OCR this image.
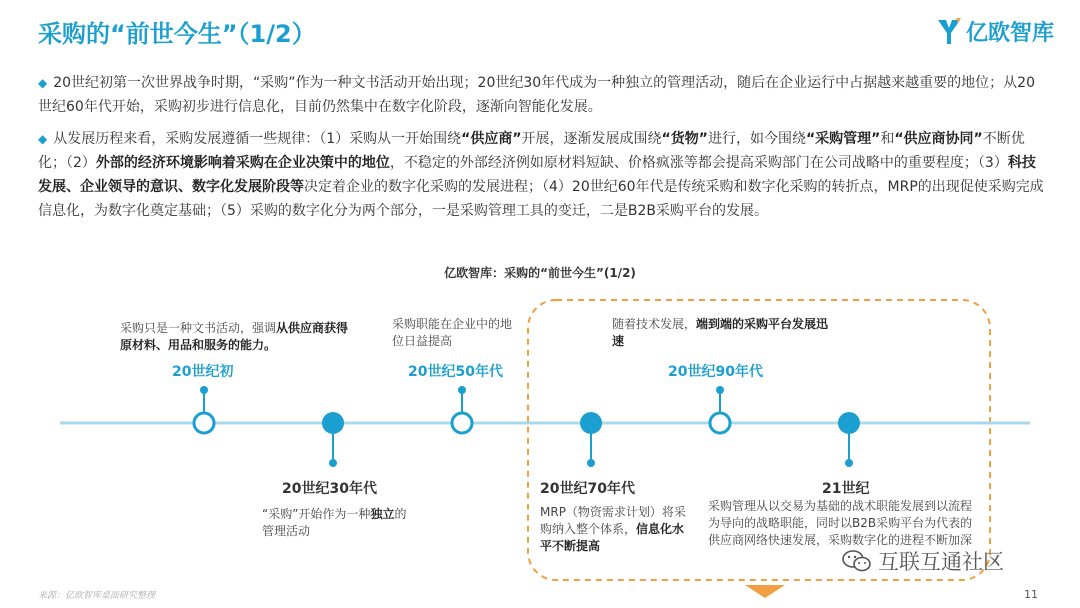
采购的“前世今生”（1/2）	亿欧智库
◆ 20世纪初第一次世界战争时期，“采购”作为一种文书活动开始出现；20世纪30年代成为一种独立的管理活动，随后在企业运行中占据越来越重要的地位；从20世纪60年代开始，采购初步进行信息化，目前仍然集中在数字化阶段，逐渐向智能化发展。
◆ 从发展历程来看，采购发展遵循一些规律：（1）采购从一开始围绕“供应商”开展，逐渐发展成围绕“货物”进行，如今围绕“采购管理”和“供应商协同”不断优化；（2）外部的经济环境影响着采购在企业决策中的地位，不稳定的外部经济例如原材料短缺、价格疯涨等都会提高采购部门在公司战略中的重要程度；（3）科技发展、企业领导的意识、数字化发展阶段等决定着企业的数字化采购的发展进程；（4）20世纪60年代是传统采购和数字化采购的转折点，MRP的出现促使采购完成信息化，为数字化奠定基础；（5）采购的数字化分为两个部分，一是采购管理工具的变迁，二是B2B采购平台的发展。
亿欧智库：采购的“前世今生”(1/2)
采购只是一种文书活动，强调从供应商获得原材料、用品和服务的能力。
20世纪初
20世纪30年代
“采购”开始作为一种独立的管理活动
采购职能在企业中的地位日益提高
20世纪50年代
20世纪70年代
MRP（物资需求计划）将采购纳入整个体系，信息化水平不断提高
随着技术发展，端到端的采购平台发展迅速
20世纪90年代
21世纪
采购管理从以交易为基础的战术职能发展到以流程为导向的战略职能，同时以B2B采购平台为代表的供应商网络快速发展，采购数字化的进程不断加深
来源：亿欧智库桌面研究整理
互联互通社区
11
